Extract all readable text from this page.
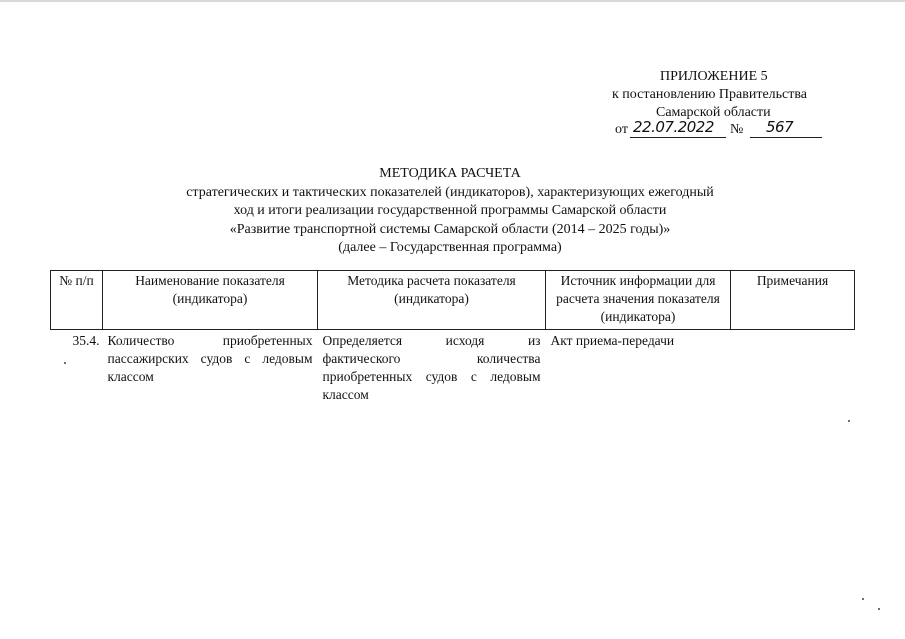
ПРИЛОЖЕНИЕ 5
к постановлению Правительства
Самарской области
от 22.07.2022 №	567
МЕТОДИКА РАСЧЕТА
стратегических и тактических показателей (индикаторов), характеризующих ежегодный
ход и итоги реализации государственной программы Самарской области
«Развитие транспортной системы Самарской области (2014 – 2025 годы)»
(далее – Государственная программа)
№ п/п	Наименование показателя (индикатора)	Методика расчета показателя (индикатора)	Источник информации для расчета значения показателя (индикатора)	Примечания
35.4.	Количество приобретенных пассажирских судов с ледовым классом	Определяется исходя из фактического количества приобретенных судов с ледовым классом	Акт приема-передачи	
